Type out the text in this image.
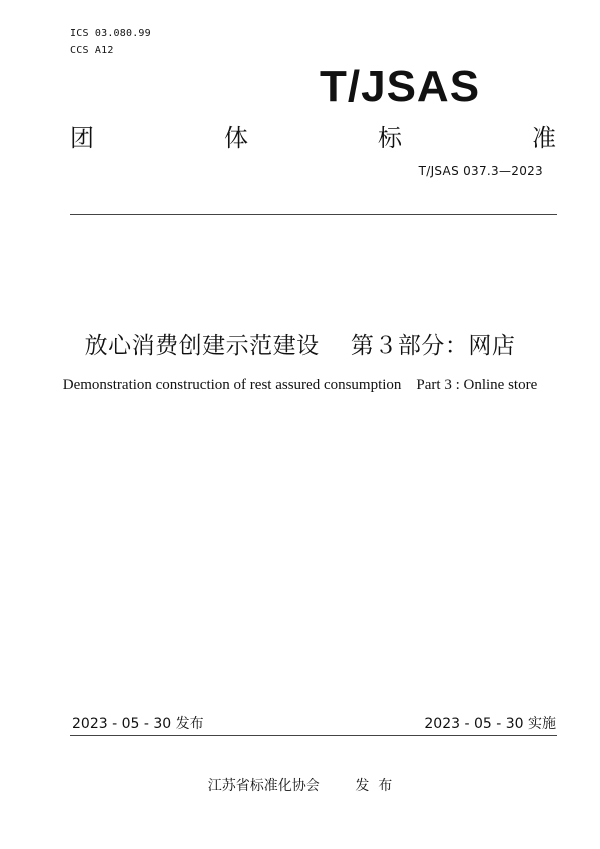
ICS 03.080.99
CCS A12
T/JSAS
团	体	标	准
T/JSAS 037.3—2023
放心消费创建示范建设    第３部分：网店
Demonstration construction of rest assured consumption    Part 3 : Online store
2023 - 05 - 30 发布	2023 - 05 - 30 实施
江苏省标准化协会        发  布
